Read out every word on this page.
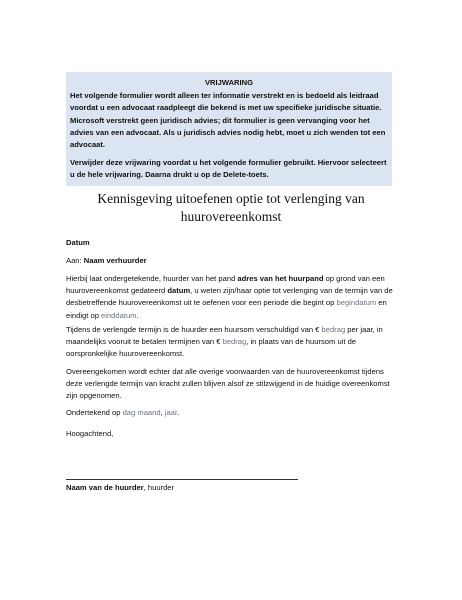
VRIJWARING

Het volgende formulier wordt alleen ter informatie verstrekt en is bedoeld als leidraad voordat u een advocaat raadpleegt die bekend is met uw specifieke juridische situatie. Microsoft verstrekt geen juridisch advies; dit formulier is geen vervanging voor het advies van een advocaat. Als u juridisch advies nodig hebt, moet u zich wenden tot een advocaat.

Verwijder deze vrijwaring voordat u het volgende formulier gebruikt. Hiervoor selecteert u de hele vrijwaring. Daarna drukt u op de Delete-toets.

Kennisgeving uitoefenen optie tot verlenging van huurovereenkomst
Datum
Aan: Naam verhuurder
Hierbij laat ondergetekende, huurder van het pand adres van het huurpand op grond van een huurovereenkomst gedateerd datum, u weten zijn/haar optie tot verlenging van de termijn van de desbetreffende huurovereenkomst uit te oefenen voor een periode die begint op begindatum en eindigt op einddatum.
Tijdens de verlengde termijn is de huurder een huursom verschuldigd van € bedrag per jaar, in maandelijks vooruit te betalen termijnen van € bedrag, in plaats van de huursom uit de oorspronkelijke huurovereenkomst.
Overeengekomen wordt echter dat alle overige voorwaarden van de huurovereenkomst tijdens deze verlengde termijn van kracht zullen blijven alsof ze stilzwijgend in de huidige overeenkomst zijn opgenomen.
Ondertekend op dag maand, jaar.
Hoogachtend,
Naam van de huurder, huurder
